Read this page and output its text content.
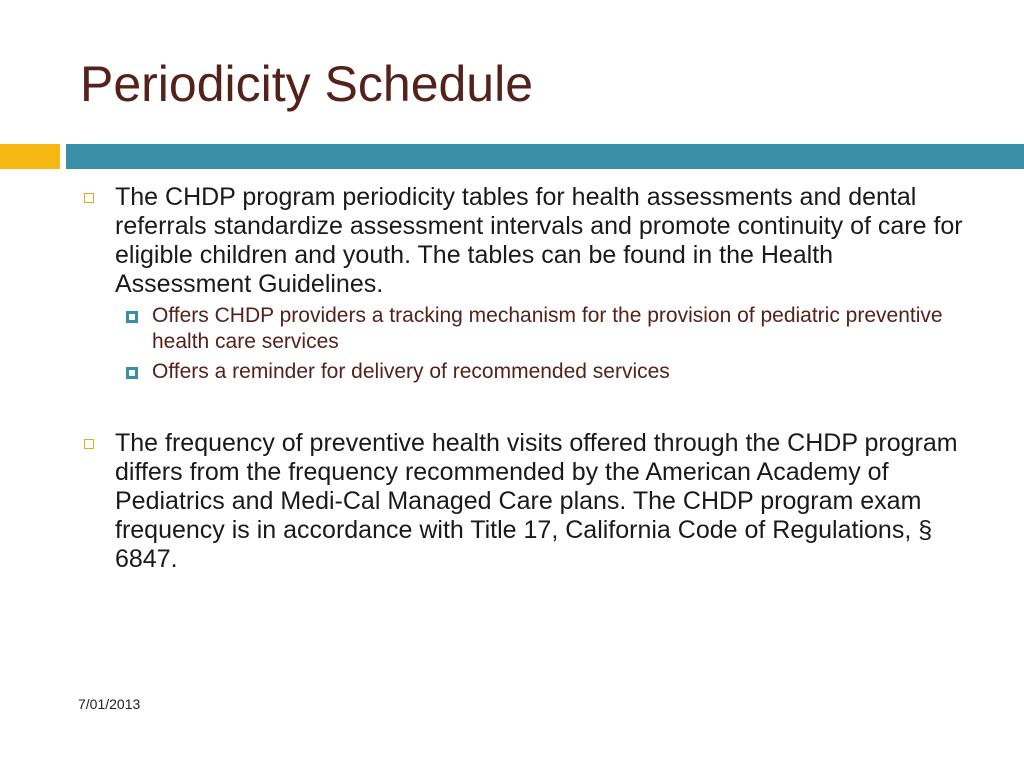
Periodicity Schedule

The CHDP program periodicity tables for health assessments and dental referrals standardize assessment intervals and promote continuity of care for eligible children and youth. The tables can be found in the Health Assessment Guidelines.

Offers CHDP providers a tracking mechanism for the provision of pediatric preventive health care services

Offers a reminder for delivery of recommended services

The frequency of preventive health visits offered through the CHDP program differs from the frequency recommended by the American Academy of Pediatrics and Medi-Cal Managed Care plans. The CHDP program exam frequency is in accordance with Title 17, California Code of Regulations, § 6847.

7/01/2013
